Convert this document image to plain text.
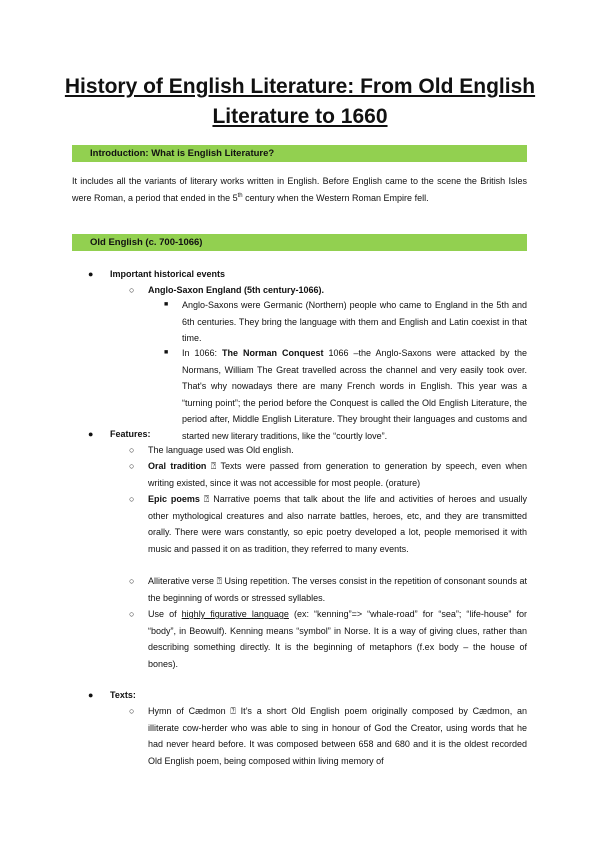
History of English Literature: From Old English
Literature to 1660
Introduction: What is English Literature?
It includes all the variants of literary works written in English. Before English came to the scene the British Isles were Roman, a period that ended in the 5th century when the Western Roman Empire fell.
Old English (c. 700-1066)
● Important historical events
○ Anglo-Saxon England (5th century-1066).
■ Anglo-Saxons were Germanic (Northern) people who came to England in the 5th and 6th centuries. They bring the language with them and English and Latin coexist in that time.
■ In 1066: The Norman Conquest 1066 –the Anglo-Saxons were attacked by the Normans, William The Great travelled across the channel and very easily took over. That's why nowadays there are many French words in English. This year was a “turning point”; the period before the Conquest is called the Old English Literature, the period after, Middle English Literature. They brought their languages and customs and started new literary traditions, like the “courtly love”.
● Features:
○ The language used was Old english.
○ Oral tradition ⍰ Texts were passed from generation to generation by speech, even when writing existed, since it was not accessible for most people. (orature)
○ Epic poems ⍰ Narrative poems that talk about the life and activities of heroes and usually other mythological creatures and also narrate battles, heroes, etc, and they are transmitted orally. There were wars constantly, so epic poetry developed a lot, people memorised it with music and passed it on as tradition, they referred to many events.
○ Alliterative verse ⍰ Using repetition. The verses consist in the repetition of consonant sounds at the beginning of words or stressed syllables.
○ Use of highly figurative language (ex: “kenning”=> “whale-road” for “sea”; “life-house” for “body”, in Beowulf). Kenning means “symbol” in Norse. It is a way of giving clues, rather than describing something directly. It is the beginning of metaphors (f.ex body – the house of bones).
● Texts:
○ Hymn of Cædmon ⍰ It’s a short Old English poem originally composed by Cædmon, an illiterate cow-herder who was able to sing in honour of God the Creator, using words that he had never heard before. It was composed between 658 and 680 and it is the oldest recorded Old English poem, being composed within living memory of
